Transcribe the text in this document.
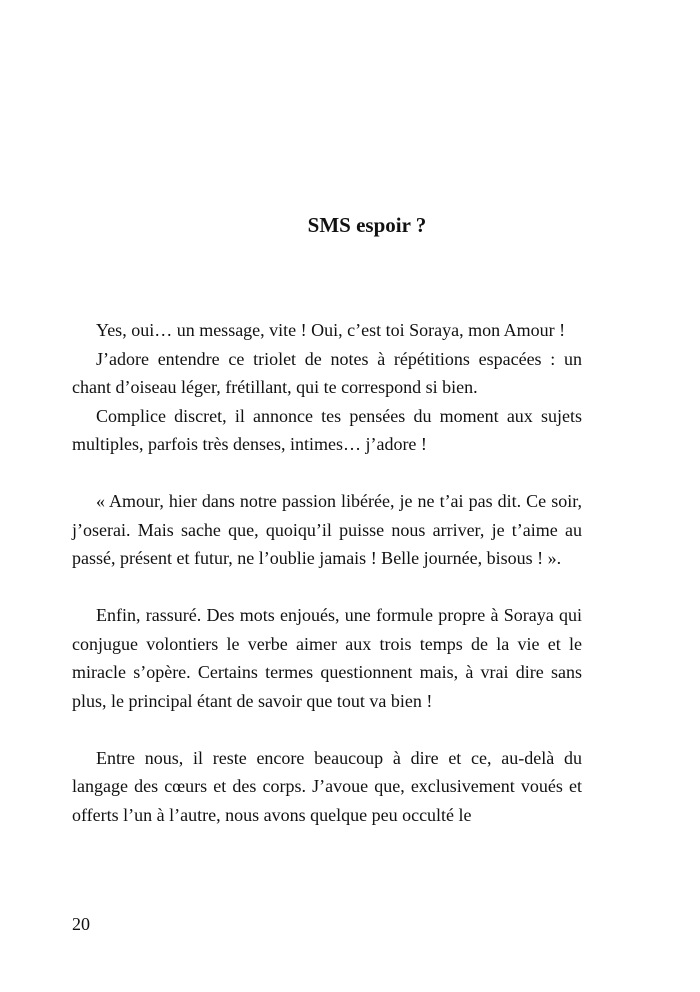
SMS espoir ?

Yes, oui… un message, vite ! Oui, c’est toi Soraya, mon Amour !

J’adore entendre ce triolet de notes à répétitions espacées : un chant d’oiseau léger, frétillant, qui te correspond si bien.

Complice discret, il annonce tes pensées du moment aux sujets multiples, parfois très denses, intimes… j’adore !

« Amour, hier dans notre passion libérée, je ne t’ai pas dit. Ce soir, j’oserai. Mais sache que, quoiqu’il puisse nous arriver, je t’aime au passé, présent et futur, ne l’oublie jamais ! Belle journée, bisous ! ».

Enfin, rassuré. Des mots enjoués, une formule propre à Soraya qui conjugue volontiers le verbe aimer aux trois temps de la vie et le miracle s’opère. Certains termes questionnent mais, à vrai dire sans plus, le principal étant de savoir que tout va bien !

Entre nous, il reste encore beaucoup à dire et ce, au-delà du langage des cœurs et des corps. J’avoue que, exclusivement voués et offerts l’un à l’autre, nous avons quelque peu occulté le

20
